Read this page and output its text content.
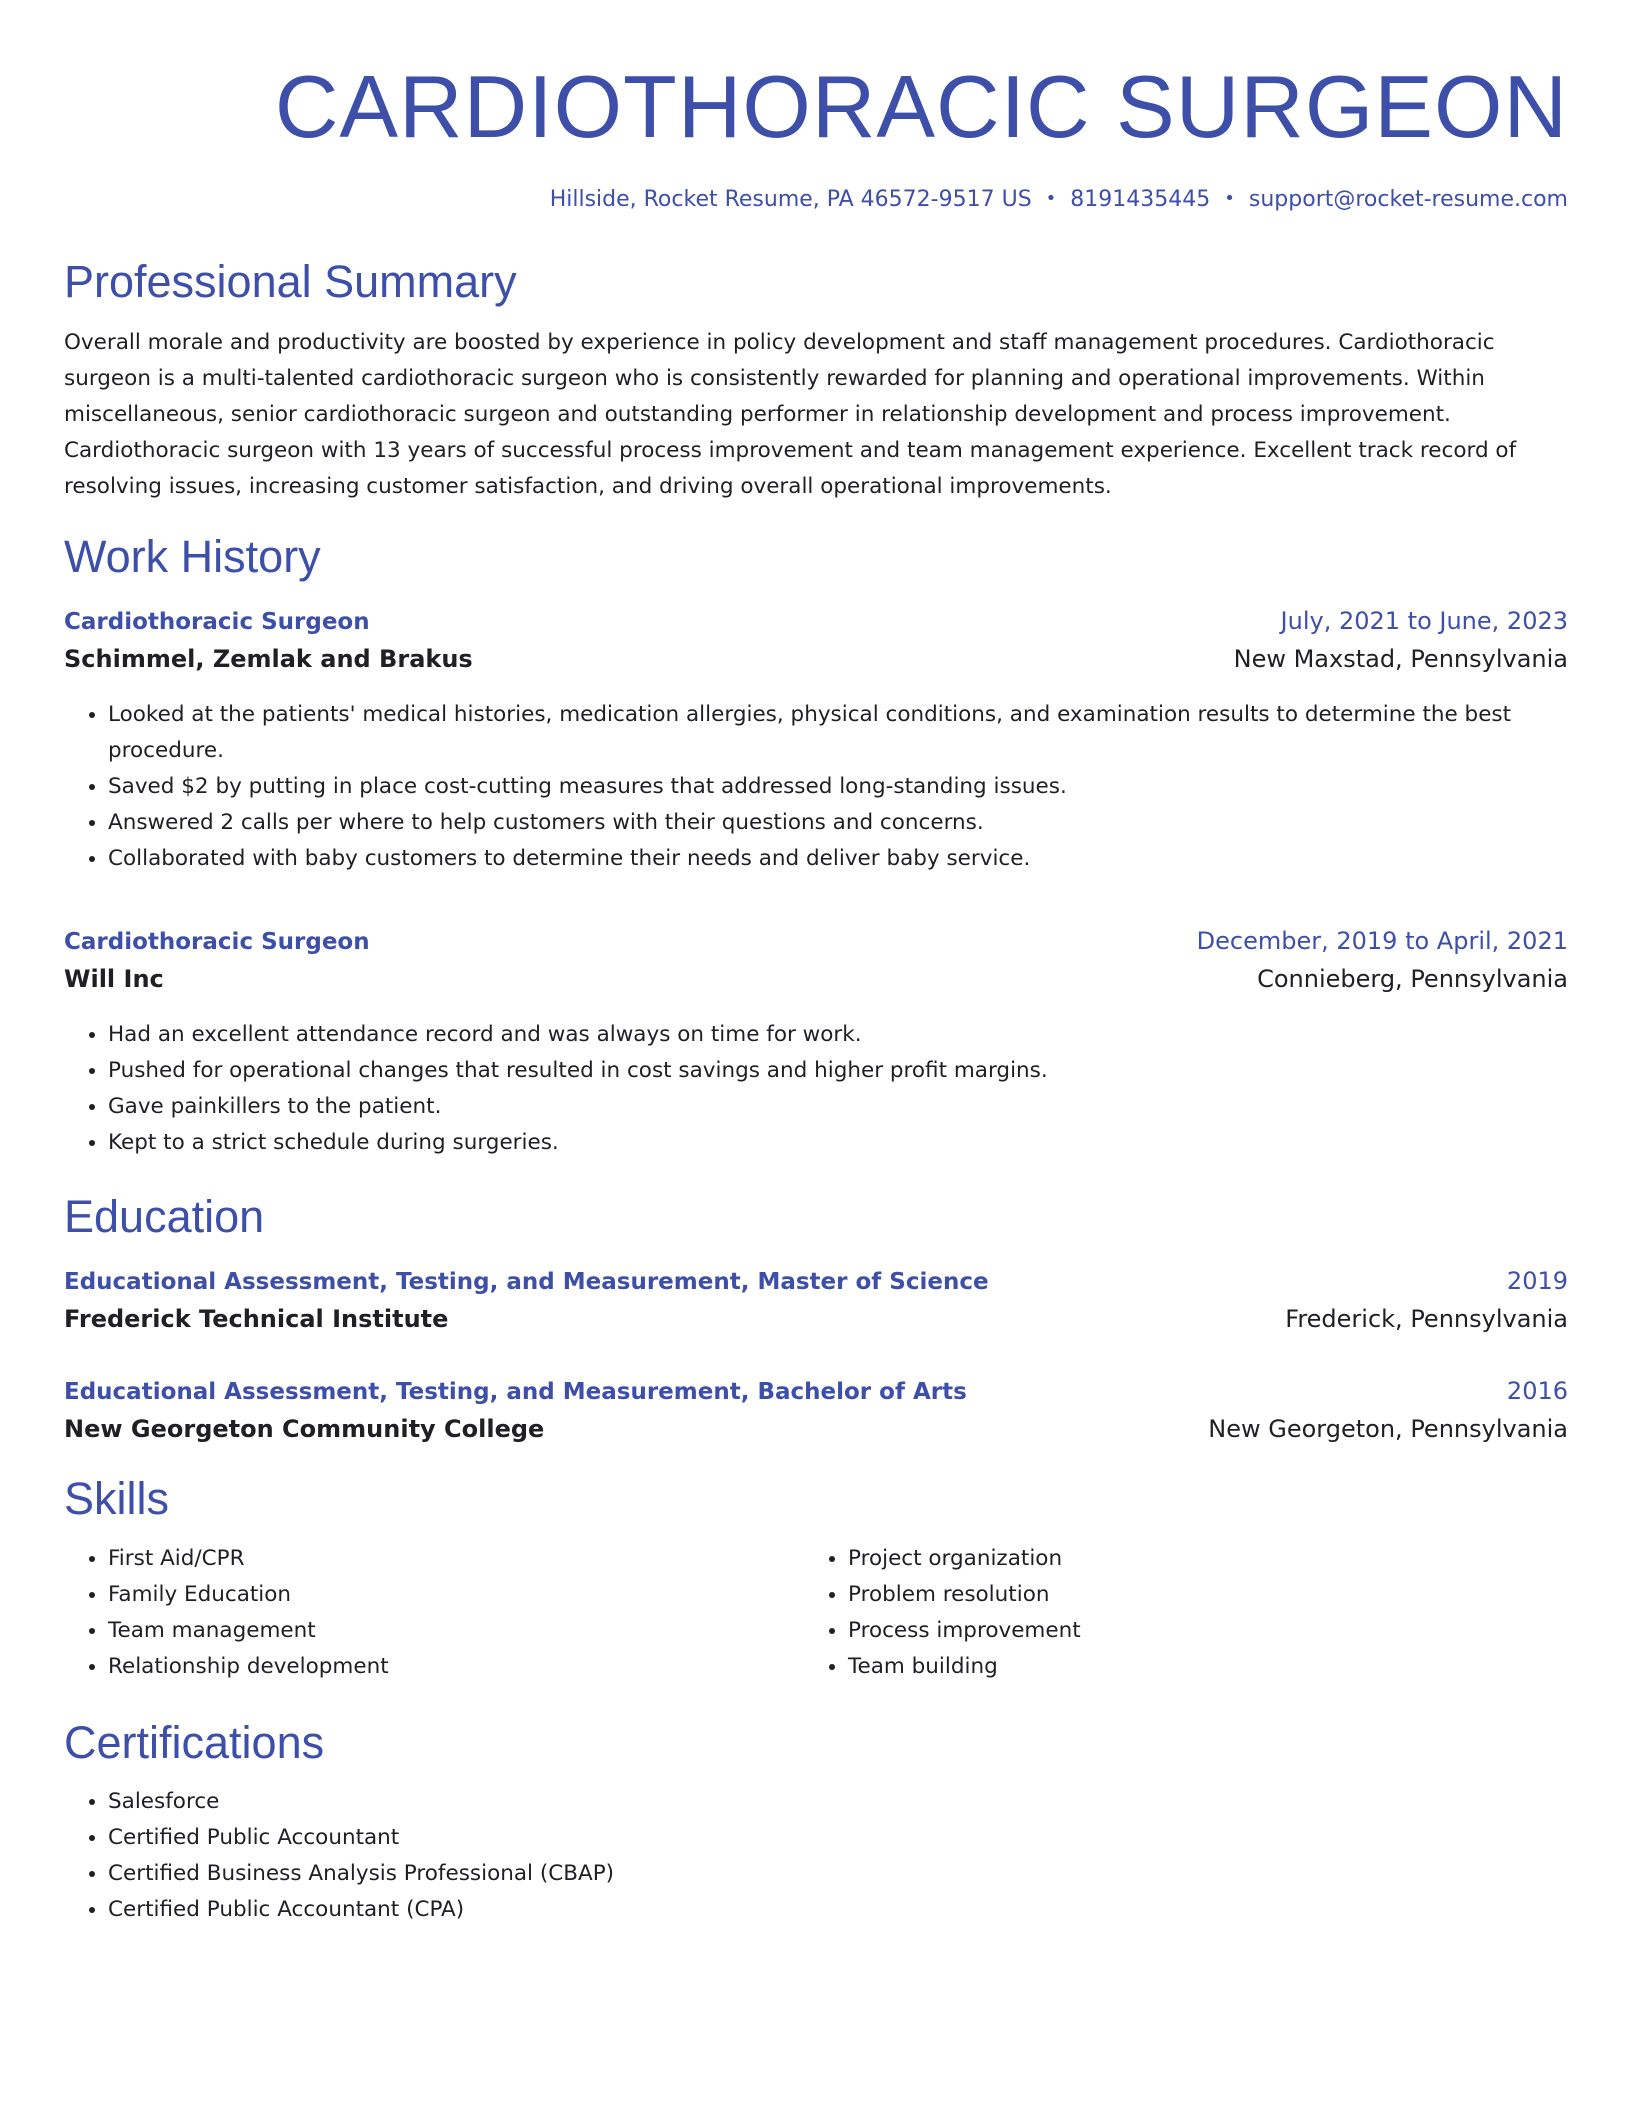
CARDIOTHORACIC SURGEON
Hillside, Rocket Resume, PA 46572-9517 US • 8191435445 • support@rocket-resume.com
Professional Summary

Overall morale and productivity are boosted by experience in policy development and staff management procedures. Cardiothoracic surgeon is a multi-talented cardiothoracic surgeon who is consistently rewarded for planning and operational improvements. Within miscellaneous, senior cardiothoracic surgeon and outstanding performer in relationship development and process improvement. Cardiothoracic surgeon with 13 years of successful process improvement and team management experience. Excellent track record of resolving issues, increasing customer satisfaction, and driving overall operational improvements.

Work History
Cardiothoracic Surgeon	July, 2021 to June, 2023
Schimmel, Zemlak and Brakus	New Maxstad, Pennsylvania
• Looked at the patients' medical histories, medication allergies, physical conditions, and examination results to determine the best procedure.
• Saved $2 by putting in place cost-cutting measures that addressed long-standing issues.
• Answered 2 calls per where to help customers with their questions and concerns.
• Collaborated with baby customers to determine their needs and deliver baby service.
Cardiothoracic Surgeon	December, 2019 to April, 2021
Will Inc	Connieberg, Pennsylvania
• Had an excellent attendance record and was always on time for work.
• Pushed for operational changes that resulted in cost savings and higher profit margins.
• Gave painkillers to the patient.
• Kept to a strict schedule during surgeries.
Education
Educational Assessment, Testing, and Measurement, Master of Science	2019
Frederick Technical Institute	Frederick, Pennsylvania
Educational Assessment, Testing, and Measurement, Bachelor of Arts	2016
New Georgeton Community College	New Georgeton, Pennsylvania
Skills
• First Aid/CPR
• Family Education
• Team management
• Relationship development
• Project organization
• Problem resolution
• Process improvement
• Team building
Certifications
• Salesforce
• Certified Public Accountant
• Certified Business Analysis Professional (CBAP)
• Certified Public Accountant (CPA)
